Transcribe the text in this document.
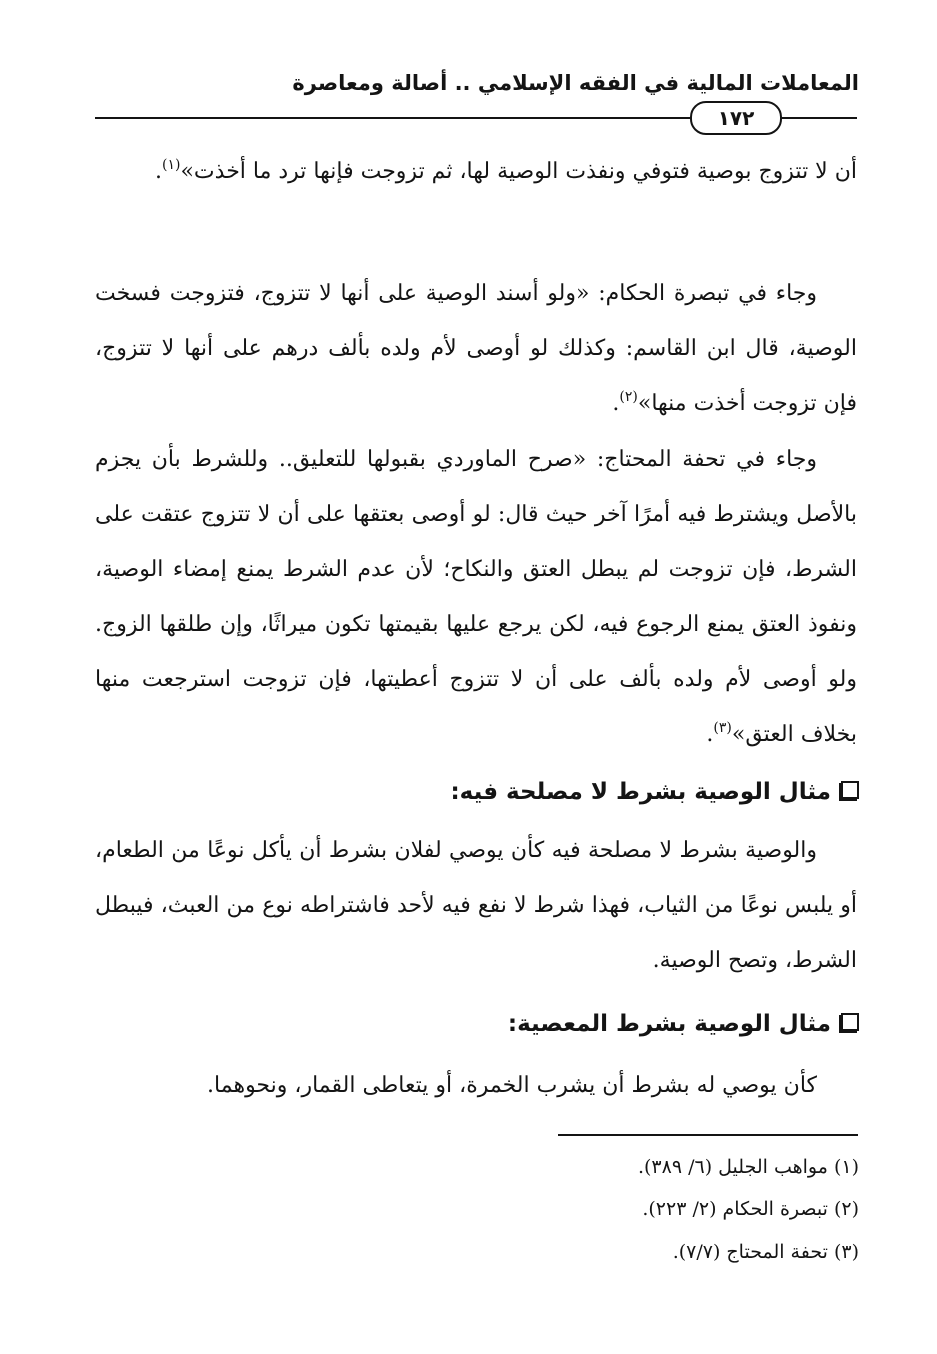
المعاملات المالية في الفقه الإسلامي .. أصالة ومعاصرة
١٧٢

أن لا تتزوج بوصية فتوفي ونفذت الوصية لها، ثم تزوجت فإنها ترد ما أخذت»$^{(١)}$.

وجاء في تبصرة الحكام: «ولو أسند الوصية على أنها لا تتزوج، فتزوجت فسخت الوصية، قال ابن القاسم: وكذلك لو أوصى لأم ولده بألف درهم على أنها لا تتزوج، فإن تزوجت أخذت منها»$^{(٢)}$.

وجاء في تحفة المحتاج: «صرح الماوردي بقبولها للتعليق.. وللشرط بأن يجزم بالأصل ويشترط فيه أمرًا آخر حيث قال: لو أوصى بعتقها على أن لا تتزوج عتقت على الشرط، فإن تزوجت لم يبطل العتق والنكاح؛ لأن عدم الشرط يمنع إمضاء الوصية، ونفوذ العتق يمنع الرجوع فيه، لكن يرجع عليها بقيمتها تكون ميراثًا، وإن طلقها الزوج. ولو أوصى لأم ولده بألف على أن لا تتزوج أعطيتها، فإن تزوجت استرجعت منها بخلاف العتق»$^{(٣)}$.

مثال الوصية بشرط لا مصلحة فيه:

والوصية بشرط لا مصلحة فيه كأن يوصي لفلان بشرط أن يأكل نوعًا من الطعام، أو يلبس نوعًا من الثياب، فهذا شرط لا نفع فيه لأحد فاشتراطه نوع من العبث، فيبطل الشرط، وتصح الوصية.

مثال الوصية بشرط المعصية:

كأن يوصي له بشرط أن يشرب الخمرة، أو يتعاطى القمار، ونحوهما.

(١) مواهب الجليل (٦/ ٣٨٩).
(٢) تبصرة الحكام (٢/ ٢٢٣).
(٣) تحفة المحتاج (٧/٧).
